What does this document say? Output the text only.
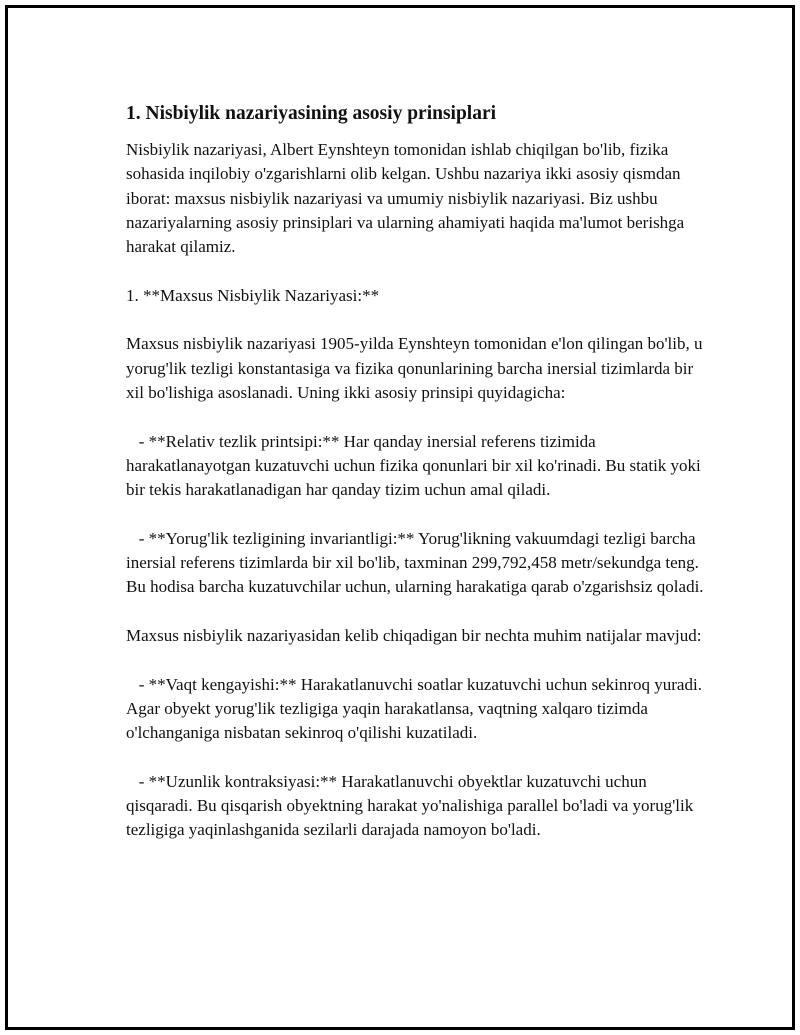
1. Nisbiylik nazariyasining asosiy prinsiplari

Nisbiylik nazariyasi, Albert Eynshteyn tomonidan ishlab chiqilgan bo'lib, fizika sohasida inqilobiy o'zgarishlarni olib kelgan. Ushbu nazariya ikki asosiy qismdan iborat: maxsus nisbiylik nazariyasi va umumiy nisbiylik nazariyasi. Biz ushbu nazariyalarning asosiy prinsiplari va ularning ahamiyati haqida ma'lumot berishga harakat qilamiz.

1. **Maxsus Nisbiylik Nazariyasi:**

Maxsus nisbiylik nazariyasi 1905-yilda Eynshteyn tomonidan e'lon qilingan bo'lib, u yorug'lik tezligi konstantasiga va fizika qonunlarining barcha inersial tizimlarda bir xil bo'lishiga asoslanadi. Uning ikki asosiy prinsipi quyidagicha:

- **Relativ tezlik printsipi:** Har qanday inersial referens tizimida harakatlanayotgan kuzatuvchi uchun fizika qonunlari bir xil ko'rinadi. Bu statik yoki bir tekis harakatlanadigan har qanday tizim uchun amal qiladi.

- **Yorug'lik tezligining invariantligi:** Yorug'likning vakuumdagi tezligi barcha inersial referens tizimlarda bir xil bo'lib, taxminan 299,792,458 metr/sekundga teng. Bu hodisa barcha kuzatuvchilar uchun, ularning harakatiga qarab o'zgarishsiz qoladi.

Maxsus nisbiylik nazariyasidan kelib chiqadigan bir nechta muhim natijalar mavjud:

- **Vaqt kengayishi:** Harakatlanuvchi soatlar kuzatuvchi uchun sekinroq yuradi. Agar obyekt yorug'lik tezligiga yaqin harakatlansa, vaqtning xalqaro tizimda o'lchanganiga nisbatan sekinroq o'qilishi kuzatiladi.

- **Uzunlik kontraksiyasi:** Harakatlanuvchi obyektlar kuzatuvchi uchun qisqaradi. Bu qisqarish obyektning harakat yo'nalishiga parallel bo'ladi va yorug'lik tezligiga yaqinlashganida sezilarli darajada namoyon bo'ladi.
